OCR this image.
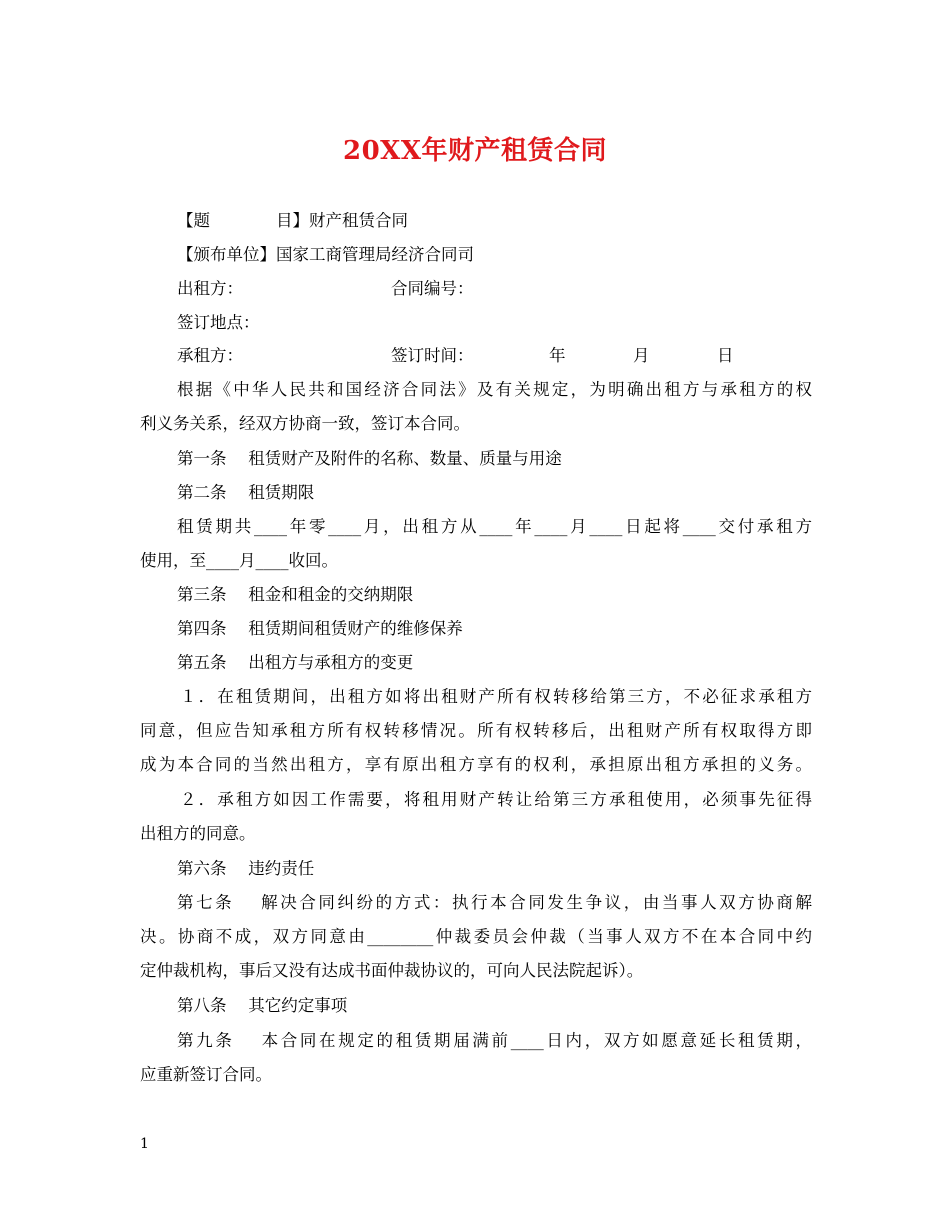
20XX年财产租赁合同
【题　　　　目】财产租赁合同
【颁布单位】国家工商管理局经济合同司
出租方：	合同编号：
签订地点：
承租方：	签订时间：	年	月	日
根据《中华人民共和国经济合同法》及有关规定，为明确出租方与承租方的权
利义务关系，经双方协商一致，签订本合同。
第一条　 租赁财产及附件的名称、数量、质量与用途
第二条　 租赁期限
租赁期共____年零____月，出租方从____年____月____日起将____交付承租方
使用，至____月____收回。
第三条　 租金和租金的交纳期限
第四条　 租赁期间租赁财产的维修保养
第五条　 出租方与承租方的变更
１．在租赁期间，出租方如将出租财产所有权转移给第三方，不必征求承租方
同意，但应告知承租方所有权转移情况。所有权转移后，出租财产所有权取得方即
成为本合同的当然出租方，享有原出租方享有的权利，承担原出租方承担的义务。
２．承租方如因工作需要，将租用财产转让给第三方承租使用，必须事先征得
出租方的同意。
第六条　 违约责任
第七条　 解决合同纠纷的方式：执行本合同发生争议，由当事人双方协商解
决。协商不成，双方同意由________仲裁委员会仲裁（当事人双方不在本合同中约
定仲裁机构，事后又没有达成书面仲裁协议的，可向人民法院起诉）。
第八条　 其它约定事项
第九条　 本合同在规定的租赁期届满前____日内，双方如愿意延长租赁期，
应重新签订合同。
1
